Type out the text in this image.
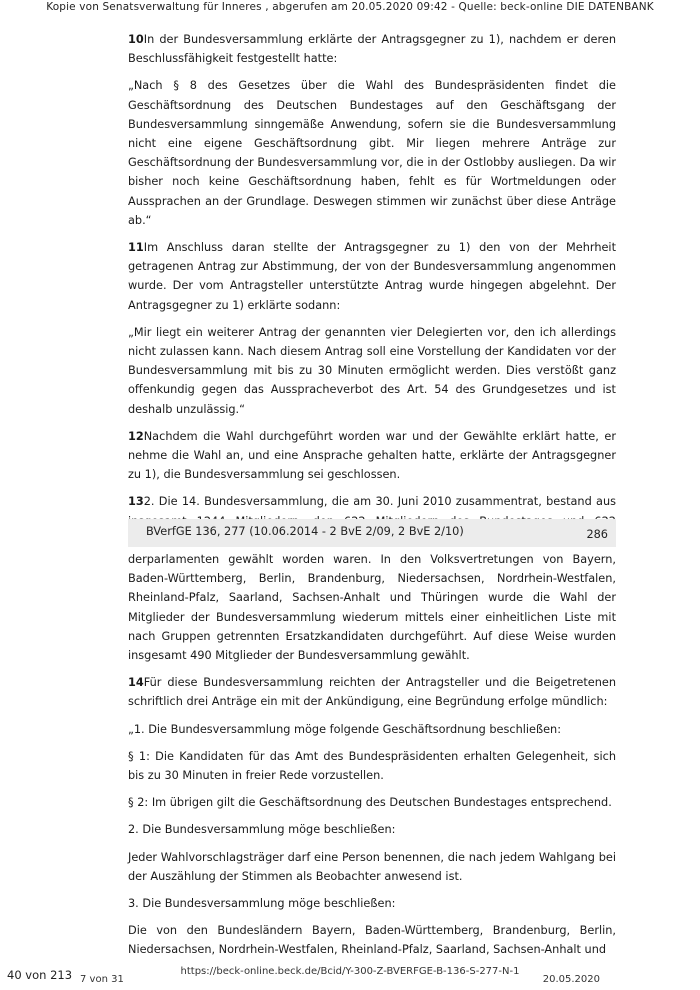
Kopie von Senatsverwaltung für Inneres , abgerufen am 20.05.2020 09:42 - Quelle: beck-online DIE DATENBANK

10In der Bundesversammlung erklärte der Antragsgegner zu 1), nachdem er deren Beschlussfähigkeit festgestellt hatte:

„Nach § 8 des Gesetzes über die Wahl des Bundespräsidenten findet die Geschäftsordnung des Deutschen Bundestages auf den Geschäftsgang der Bundesversammlung sinngemäße Anwendung, sofern sie die Bundesversammlung nicht eine eigene Geschäftsordnung gibt. Mir liegen mehrere Anträge zur Geschäftsordnung der Bundesversammlung vor, die in der Ostlobby ausliegen. Da wir bisher noch keine Geschäftsordnung haben, fehlt es für Wortmeldungen oder Aussprachen an der Grundlage. Deswegen stimmen wir zunächst über diese Anträge ab.“

11Im Anschluss daran stellte der Antragsgegner zu 1) den von der Mehrheit getragenen Antrag zur Abstimmung, der von der Bundesversammlung angenommen wurde. Der vom Antragsteller unterstützte Antrag wurde hingegen abgelehnt. Der Antragsgegner zu 1) erklärte sodann:

„Mir liegt ein weiterer Antrag der genannten vier Delegierten vor, den ich allerdings nicht zulassen kann. Nach diesem Antrag soll eine Vorstellung der Kandidaten vor der Bundesversammlung mit bis zu 30 Minuten ermöglicht werden. Dies verstößt ganz offenkundig gegen das Ausspracheverbot des Art. 54 des Grundgesetzes und ist deshalb unzulässig.“

12Nachdem die Wahl durchgeführt worden war und der Gewählte erklärt hatte, er nehme die Wahl an, und eine Ansprache gehalten hatte, erklärte der Antragsgegner zu 1), die Bundesversammlung sei geschlossen.

132. Die 14. Bundesversammlung, die am 30. Juni 2010 zusammentrat, bestand aus

BVerfGE 136, 277 (10.06.2014 - 2 BvE 2/09, 2 BvE 2/10)	286

derparlamenten gewählt worden waren. In den Volksvertretungen von Bayern, Baden-Württemberg, Berlin, Brandenburg, Niedersachsen, Nordrhein-Westfalen, Rheinland-Pfalz, Saarland, Sachsen-Anhalt und Thüringen wurde die Wahl der Mitglieder der Bundesversammlung wiederum mittels einer einheitlichen Liste mit nach Gruppen getrennten Ersatzkandidaten durchgeführt. Auf diese Weise wurden insgesamt 490 Mitglieder der Bundesversammlung gewählt.

14Für diese Bundesversammlung reichten der Antragsteller und die Beigetretenen schriftlich drei Anträge ein mit der Ankündigung, eine Begründung erfolge mündlich:

„1. Die Bundesversammlung möge folgende Geschäftsordnung beschließen:

§ 1: Die Kandidaten für das Amt des Bundespräsidenten erhalten Gelegenheit, sich bis zu 30 Minuten in freier Rede vorzustellen.

§ 2: Im übrigen gilt die Geschäftsordnung des Deutschen Bundestages entsprechend.

2. Die Bundesversammlung möge beschließen:

Jeder Wahlvorschlagsträger darf eine Person benennen, die nach jedem Wahlgang bei der Auszählung der Stimmen als Beobachter anwesend ist.

3. Die Bundesversammlung möge beschließen:

Die von den Bundesländern Bayern, Baden-Württemberg, Brandenburg, Berlin, Niedersachsen, Nordrhein-Westfalen, Rheinland-Pfalz, Saarland, Sachsen-Anhalt und

40 von 213 7 von 31
https://beck-online.beck.de/Bcid/Y-300-Z-BVERFGE-B-136-S-277-N-1
20.05.2020
